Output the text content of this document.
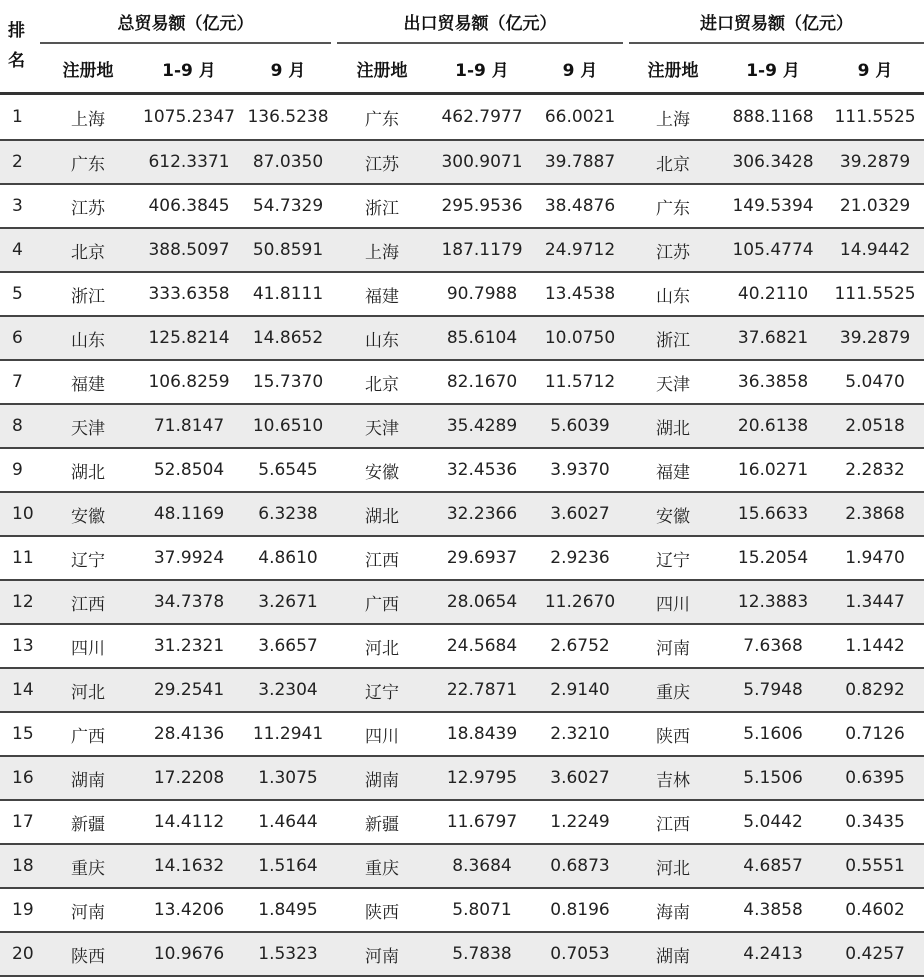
排名	总贸易额（亿元）			出口贸易额（亿元）			进口贸易额（亿元）		
	注册地	1-9 月	9 月	注册地	1-9 月	9 月	注册地	1-9 月	9 月
1	上海	1075.2347	136.5238	广东	462.7977	66.0021	上海	888.1168	111.5525
2	广东	612.3371	87.0350	江苏	300.9071	39.7887	北京	306.3428	39.2879
3	江苏	406.3845	54.7329	浙江	295.9536	38.4876	广东	149.5394	21.0329
4	北京	388.5097	50.8591	上海	187.1179	24.9712	江苏	105.4774	14.9442
5	浙江	333.6358	41.8111	福建	90.7988	13.4538	山东	40.2110	111.5525
6	山东	125.8214	14.8652	山东	85.6104	10.0750	浙江	37.6821	39.2879
7	福建	106.8259	15.7370	北京	82.1670	11.5712	天津	36.3858	5.0470
8	天津	71.8147	10.6510	天津	35.4289	5.6039	湖北	20.6138	2.0518
9	湖北	52.8504	5.6545	安徽	32.4536	3.9370	福建	16.0271	2.2832
10	安徽	48.1169	6.3238	湖北	32.2366	3.6027	安徽	15.6633	2.3868
11	辽宁	37.9924	4.8610	江西	29.6937	2.9236	辽宁	15.2054	1.9470
12	江西	34.7378	3.2671	广西	28.0654	11.2670	四川	12.3883	1.3447
13	四川	31.2321	3.6657	河北	24.5684	2.6752	河南	7.6368	1.1442
14	河北	29.2541	3.2304	辽宁	22.7871	2.9140	重庆	5.7948	0.8292
15	广西	28.4136	11.2941	四川	18.8439	2.3210	陕西	5.1606	0.7126
16	湖南	17.2208	1.3075	湖南	12.9795	3.6027	吉林	5.1506	0.6395
17	新疆	14.4112	1.4644	新疆	11.6797	1.2249	江西	5.0442	0.3435
18	重庆	14.1632	1.5164	重庆	8.3684	0.6873	河北	4.6857	0.5551
19	河南	13.4206	1.8495	陕西	5.8071	0.8196	海南	4.3858	0.4602
20	陕西	10.9676	1.5323	河南	5.7838	0.7053	湖南	4.2413	0.4257
